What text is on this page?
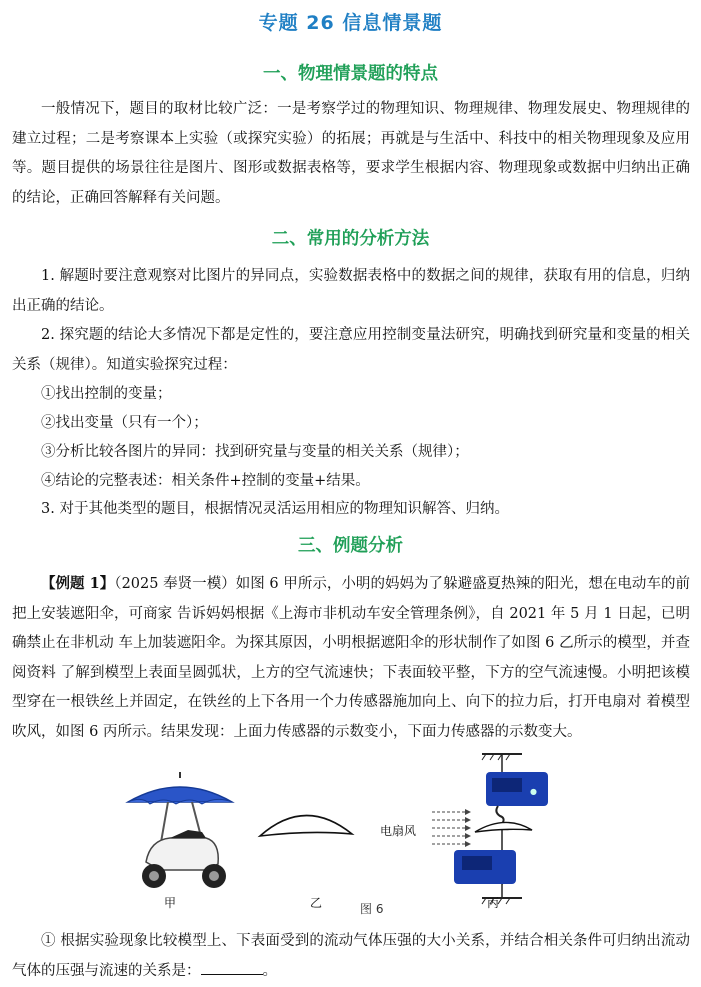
专题 26 信息情景题
一、物理情景题的特点
一般情况下，题目的取材比较广泛：一是考察学过的物理知识、物理规律、物理发展史、物理规律的建立过程；二是考察课本上实验（或探究实验）的拓展；再就是与生活中、科技中的相关物理现象及应用等。题目提供的场景往往是图片、图形或数据表格等，要求学生根据内容、物理现象或数据中归纳出正确的结论，正确回答解释有关问题。
二、常用的分析方法
1. 解题时要注意观察对比图片的异同点，实验数据表格中的数据之间的规律，获取有用的信息，归纳出正确的结论。
2. 探究题的结论大多情况下都是定性的，要注意应用控制变量法研究，明确找到研究量和变量的相关关系（规律）。知道实验探究过程：
①找出控制的变量；
②找出变量（只有一个）；
③分析比较各图片的异同：找到研究量与变量的相关关系（规律）；
④结论的完整表述：相关条件+控制的变量+结果。
3. 对于其他类型的题目，根据情况灵活运用相应的物理知识解答、归纳。
三、例题分析
【例题 1】（2025 奉贤一模）如图 6 甲所示，小明的妈妈为了躲避盛夏热辣的阳光，想在电动车的前把上安装遮阳伞，可商家 告诉妈妈根据《上海市非机动车安全管理条例》，自 2021 年 5 月 1 日起，已明确禁止在非机动 车上加装遮阳伞。为探其原因，小明根据遮阳伞的形状制作了如图 6 乙所示的模型，并查阅资料 了解到模型上表面呈圆弧状，上方的空气流速快；下表面较平整，下方的空气流速慢。小明把该模型穿在一根铁丝上并固定，在铁丝的上下各用一个力传感器施加向上、向下的拉力后，打开电扇对 着模型吹风，如图 6 丙所示。结果发现：上面力传感器的示数变小，下面力传感器的示数变大。
●
甲	乙	丙
图 6
电扇风
① 根据实验现象比较模型上、下表面受到的流动气体压强的大小关系，并结合相关条件可归纳出流动气体的压强与流速的关系是：	。
